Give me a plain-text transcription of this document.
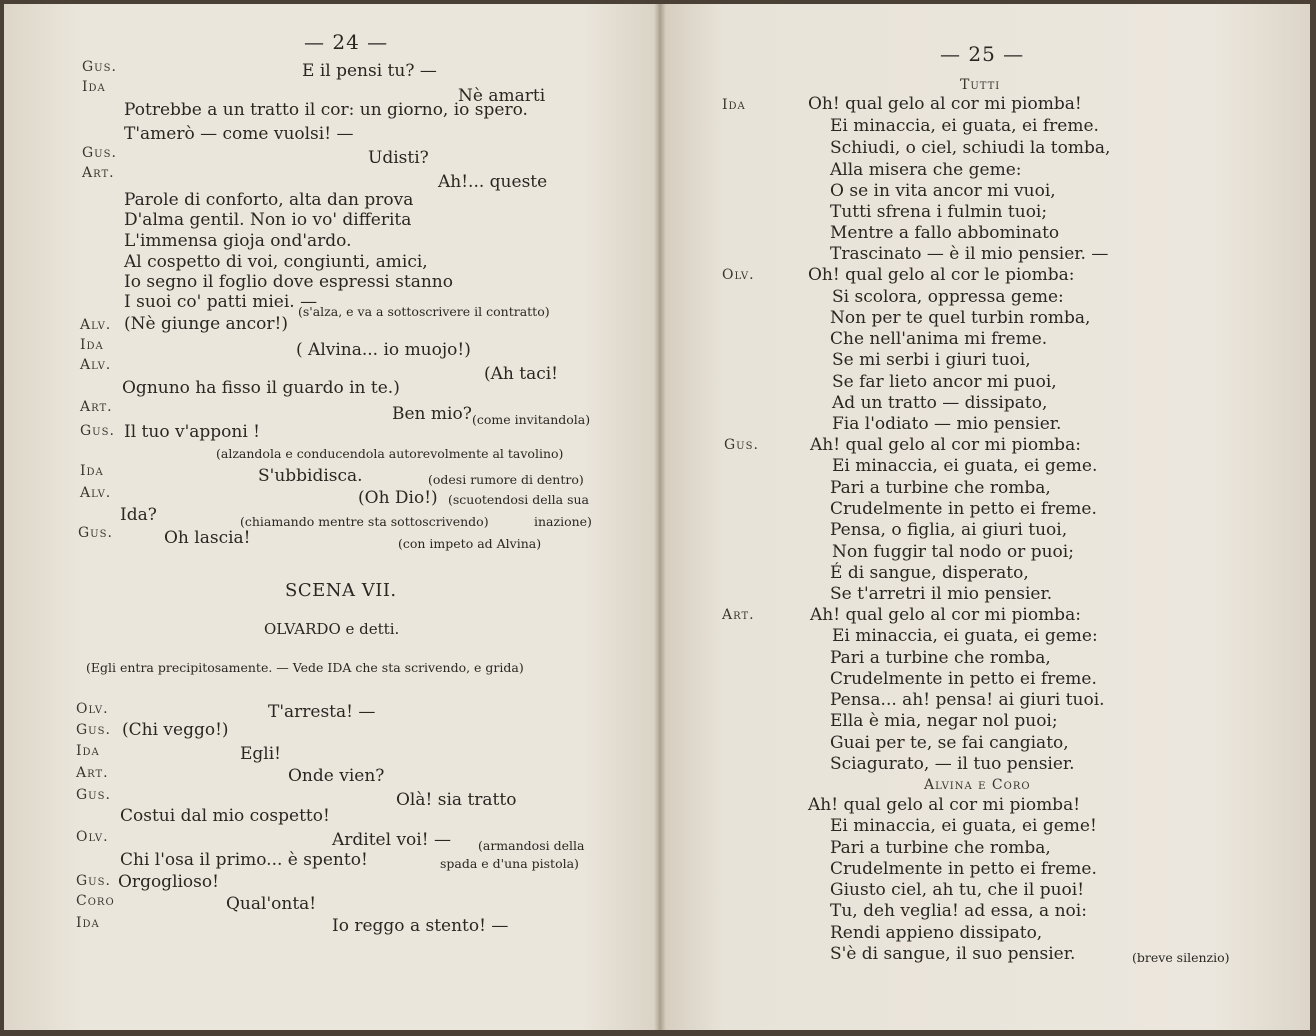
— 24 —
Gus.	E il pensi tu? —
Ida	Nè amarti
Potrebbe a un tratto il cor: un giorno, io spero.
T'amerò — come vuolsi! —
Gus.	Udisti?
Art.	Ah!... queste
Parole di conforto, alta dan prova
D'alma gentil. Non io vo' differita
L'immensa gioja ond'ardo.
Al cospetto di voi, congiunti, amici,
Io segno il foglio dove espressi stanno
I suoi co' patti miei. —
(s'alza, e va a sottoscrivere il contratto)
Alv. (Nè giunge ancor!)
Ida	( Alvina... io muojo!)
Alv.	(Ah taci!
Ognuno ha fisso il guardo in te.)
Art.	Ben mio? (come invitandola)
Gus. Il tuo v'apponi !
(alzandola e conducendola autorevolmente al tavolino)
Ida	S'ubbidisca.	(odesi rumore di dentro)
Alv.	(Oh Dio!) (scuotendosi della sua
Ida?	(chiamando mentre sta sottoscrivendo)	inazione)
Gus.	Oh lascia!	(con impeto ad Alvina)
SCENA VII.
OLVARDO e detti.
(Egli entra precipitosamente. — Vede IDA che sta scrivendo, e grida)
Olv.	T'arresta! —
Gus. (Chi veggo!)
Ida	Egli!
Art.	Onde vien?
Gus.	Olà! sia tratto
Costui dal mio cospetto!
Olv.	Arditel voi! — (armandosi della
Chi l'osa il primo... è spento!	spada e d'una pistola)
Gus. Orgoglioso!
Coro	Qual'onta!
Ida	Io reggo a stento! —
— 25 —
Tutti
Ida	Oh! qual gelo al cor mi piomba!
Ei minaccia, ei guata, ei freme.
Schiudi, o ciel, schiudi la tomba,
Alla misera che geme:
O se in vita ancor mi vuoi,
Tutti sfrena i fulmin tuoi;
Mentre a fallo abbominato
Trascinato — è il mio pensier. —
Olv.	Oh! qual gelo al cor le piomba:
Si scolora, oppressa geme:
Non per te quel turbin romba,
Che nell'anima mi freme.
Se mi serbi i giuri tuoi,
Se far lieto ancor mi puoi,
Ad un tratto — dissipato,
Fia l'odiato — mio pensier.
Gus.	Ah! qual gelo al cor mi piomba:
Ei minaccia, ei guata, ei geme.
Pari a turbine che romba,
Crudelmente in petto ei freme.
Pensa, o figlia, ai giuri tuoi,
Non fuggir tal nodo or puoi;
É di sangue, disperato,
Se t'arretri il mio pensier.
Art.	Ah! qual gelo al cor mi piomba:
Ei minaccia, ei guata, ei geme:
Pari a turbine che romba,
Crudelmente in petto ei freme.
Pensa... ah! pensa! ai giuri tuoi.
Ella è mia, negar nol puoi;
Guai per te, se fai cangiato,
Sciagurato, — il tuo pensier.
Alvina e Coro
Ah! qual gelo al cor mi piomba!
Ei minaccia, ei guata, ei geme!
Pari a turbine che romba,
Crudelmente in petto ei freme.
Giusto ciel, ah tu, che il puoi!
Tu, deh veglia! ad essa, a noi:
Rendi appieno dissipato,
S'è di sangue, il suo pensier.	(breve silenzio)
